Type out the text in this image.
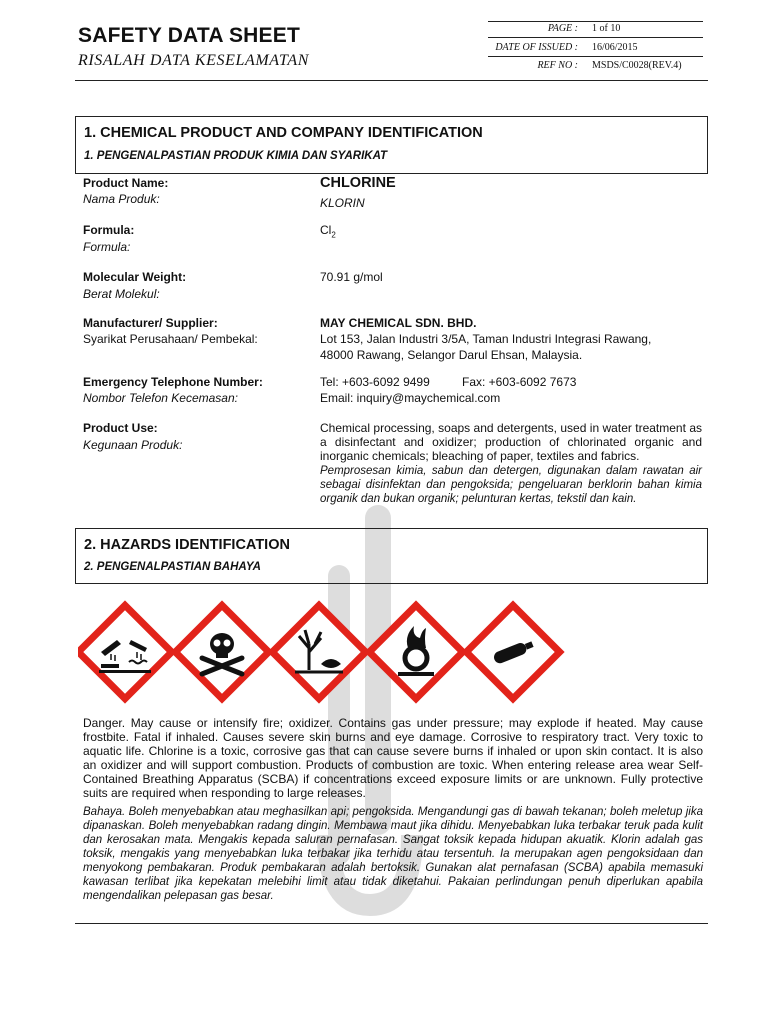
SAFETY DATA SHEET
RISALAH DATA KESELAMATAN
PAGE : 1 of 10
DATE OF ISSUED : 16/06/2015
REF NO : MSDS/C0028(REV.4)
1. CHEMICAL PRODUCT AND COMPANY IDENTIFICATION
1. PENGENALPASTIAN PRODUK KIMIA DAN SYARIKAT
Product Name:
Nama Produk:
CHLORINE
KLORIN
Formula:
Formula:
$Cl_2$
Molecular Weight:
Berat Molekul:
70.91 g/mol
Manufacturer/ Supplier:
Syarikat Perusahaan/ Pembekal:
MAY CHEMICAL SDN. BHD.
Lot 153, Jalan Industri 3/5A, Taman Industri Integrasi Rawang,
48000 Rawang, Selangor Darul Ehsan, Malaysia.
Emergency Telephone Number:
Nombor Telefon Kecemasan:
Tel: +603-6092 9499	Fax: +603-6092 7673
Email: inquiry@maychemical.com
Product Use:
Kegunaan Produk:
Chemical processing, soaps and detergents, used in water treatment as a disinfectant and oxidizer; production of chlorinated organic and inorganic chemicals; bleaching of paper, textiles and fabrics.
Pemprosesan kimia, sabun dan detergen, digunakan dalam rawatan air sebagai disinfektan dan pengoksida; pengeluaran berklorin bahan kimia organik dan bukan organik; pelunturan kertas, tekstil dan kain.
2. HAZARDS IDENTIFICATION
2. PENGENALPASTIAN BAHAYA
Danger. May cause or intensify fire; oxidizer. Contains gas under pressure; may explode if heated. May cause frostbite. Fatal if inhaled. Causes severe skin burns and eye damage. Corrosive to respiratory tract. Very toxic to aquatic life. Chlorine is a toxic, corrosive gas that can cause severe burns if inhaled or upon skin contact. It is also an oxidizer and will support combustion. Products of combustion are toxic. When entering release area wear Self-Contained Breathing Apparatus (SCBA) if concentrations exceed exposure limits or are unknown. Fully protective suits are required when responding to large releases.
Bahaya. Boleh menyebabkan atau meghasilkan api; pengoksida. Mengandungi gas di bawah tekanan; boleh meletup jika dipanaskan. Boleh menyebabkan radang dingin. Membawa maut jika dihidu. Menyebabkan luka terbakar teruk pada kulit dan kerosakan mata. Mengakis kepada saluran pernafasan. Sangat toksik kepada hidupan akuatik. Klorin adalah gas toksik, mengakis yang menyebabkan luka terbakar jika terhidu atau tersentuh. Ia merupakan agen pengoksidaan dan menyokong pembakaran. Produk pembakaran adalah bertoksik. Gunakan alat pernafasan (SCBA) apabila memasuki kawasan terlibat jika kepekatan melebihi limit atau tidak diketahui. Pakaian perlindungan penuh diperlukan apabila mengendalikan pelepasan gas besar.
